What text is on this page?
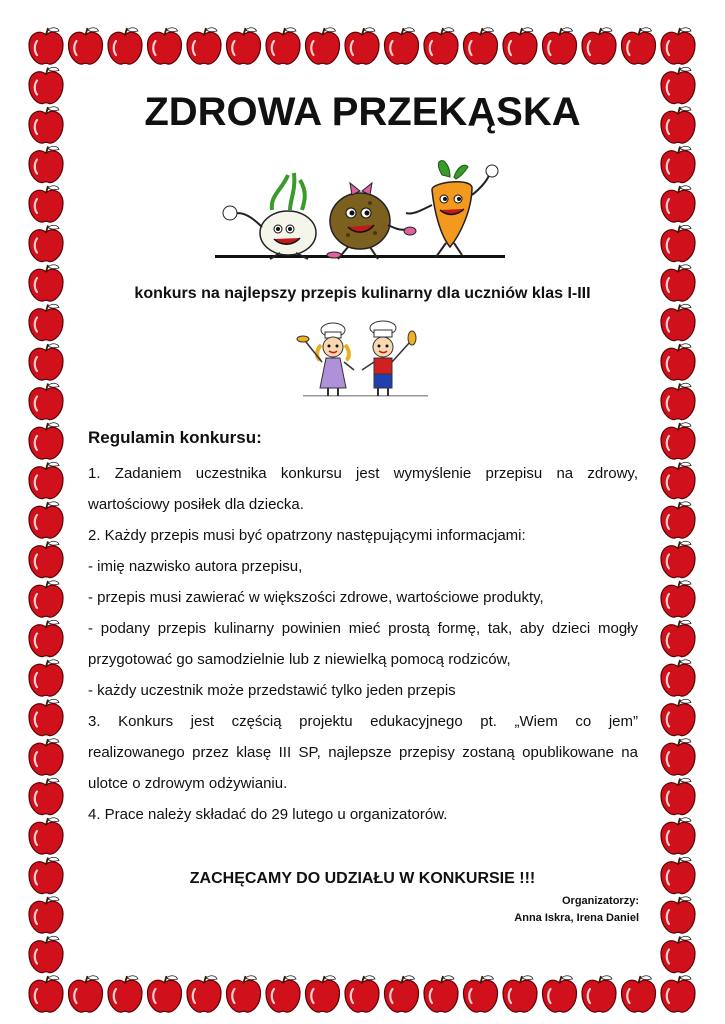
ZDROWA PRZEKĄSKA
konkurs na najlepszy przepis kulinarny dla uczniów klas I-III
Regulamin konkursu:

1. Zadaniem uczestnika konkursu jest wymyślenie przepisu na zdrowy,

wartościowy posiłek dla dziecka.

2. Każdy przepis musi być opatrzony następującymi informacjami:

- imię nazwisko autora przepisu,

- przepis musi zawierać w większości zdrowe, wartościowe produkty,

- podany przepis kulinarny powinien mieć prostą formę, tak, aby dzieci mogły

przygotować go samodzielnie lub z niewielką pomocą rodziców,

- każdy uczestnik może przedstawić tylko jeden przepis

3. Konkurs jest częścią projektu edukacyjnego pt. „Wiem co jem”

realizowanego przez klasę III SP, najlepsze przepisy zostaną opublikowane na

ulotce o zdrowym odżywianiu.

4. Prace należy składać do 29 lutego u organizatorów.

ZACHĘCAMY DO UDZIAŁU W KONKURSIE !!!
Organizatorzy:
Anna Iskra, Irena Daniel
